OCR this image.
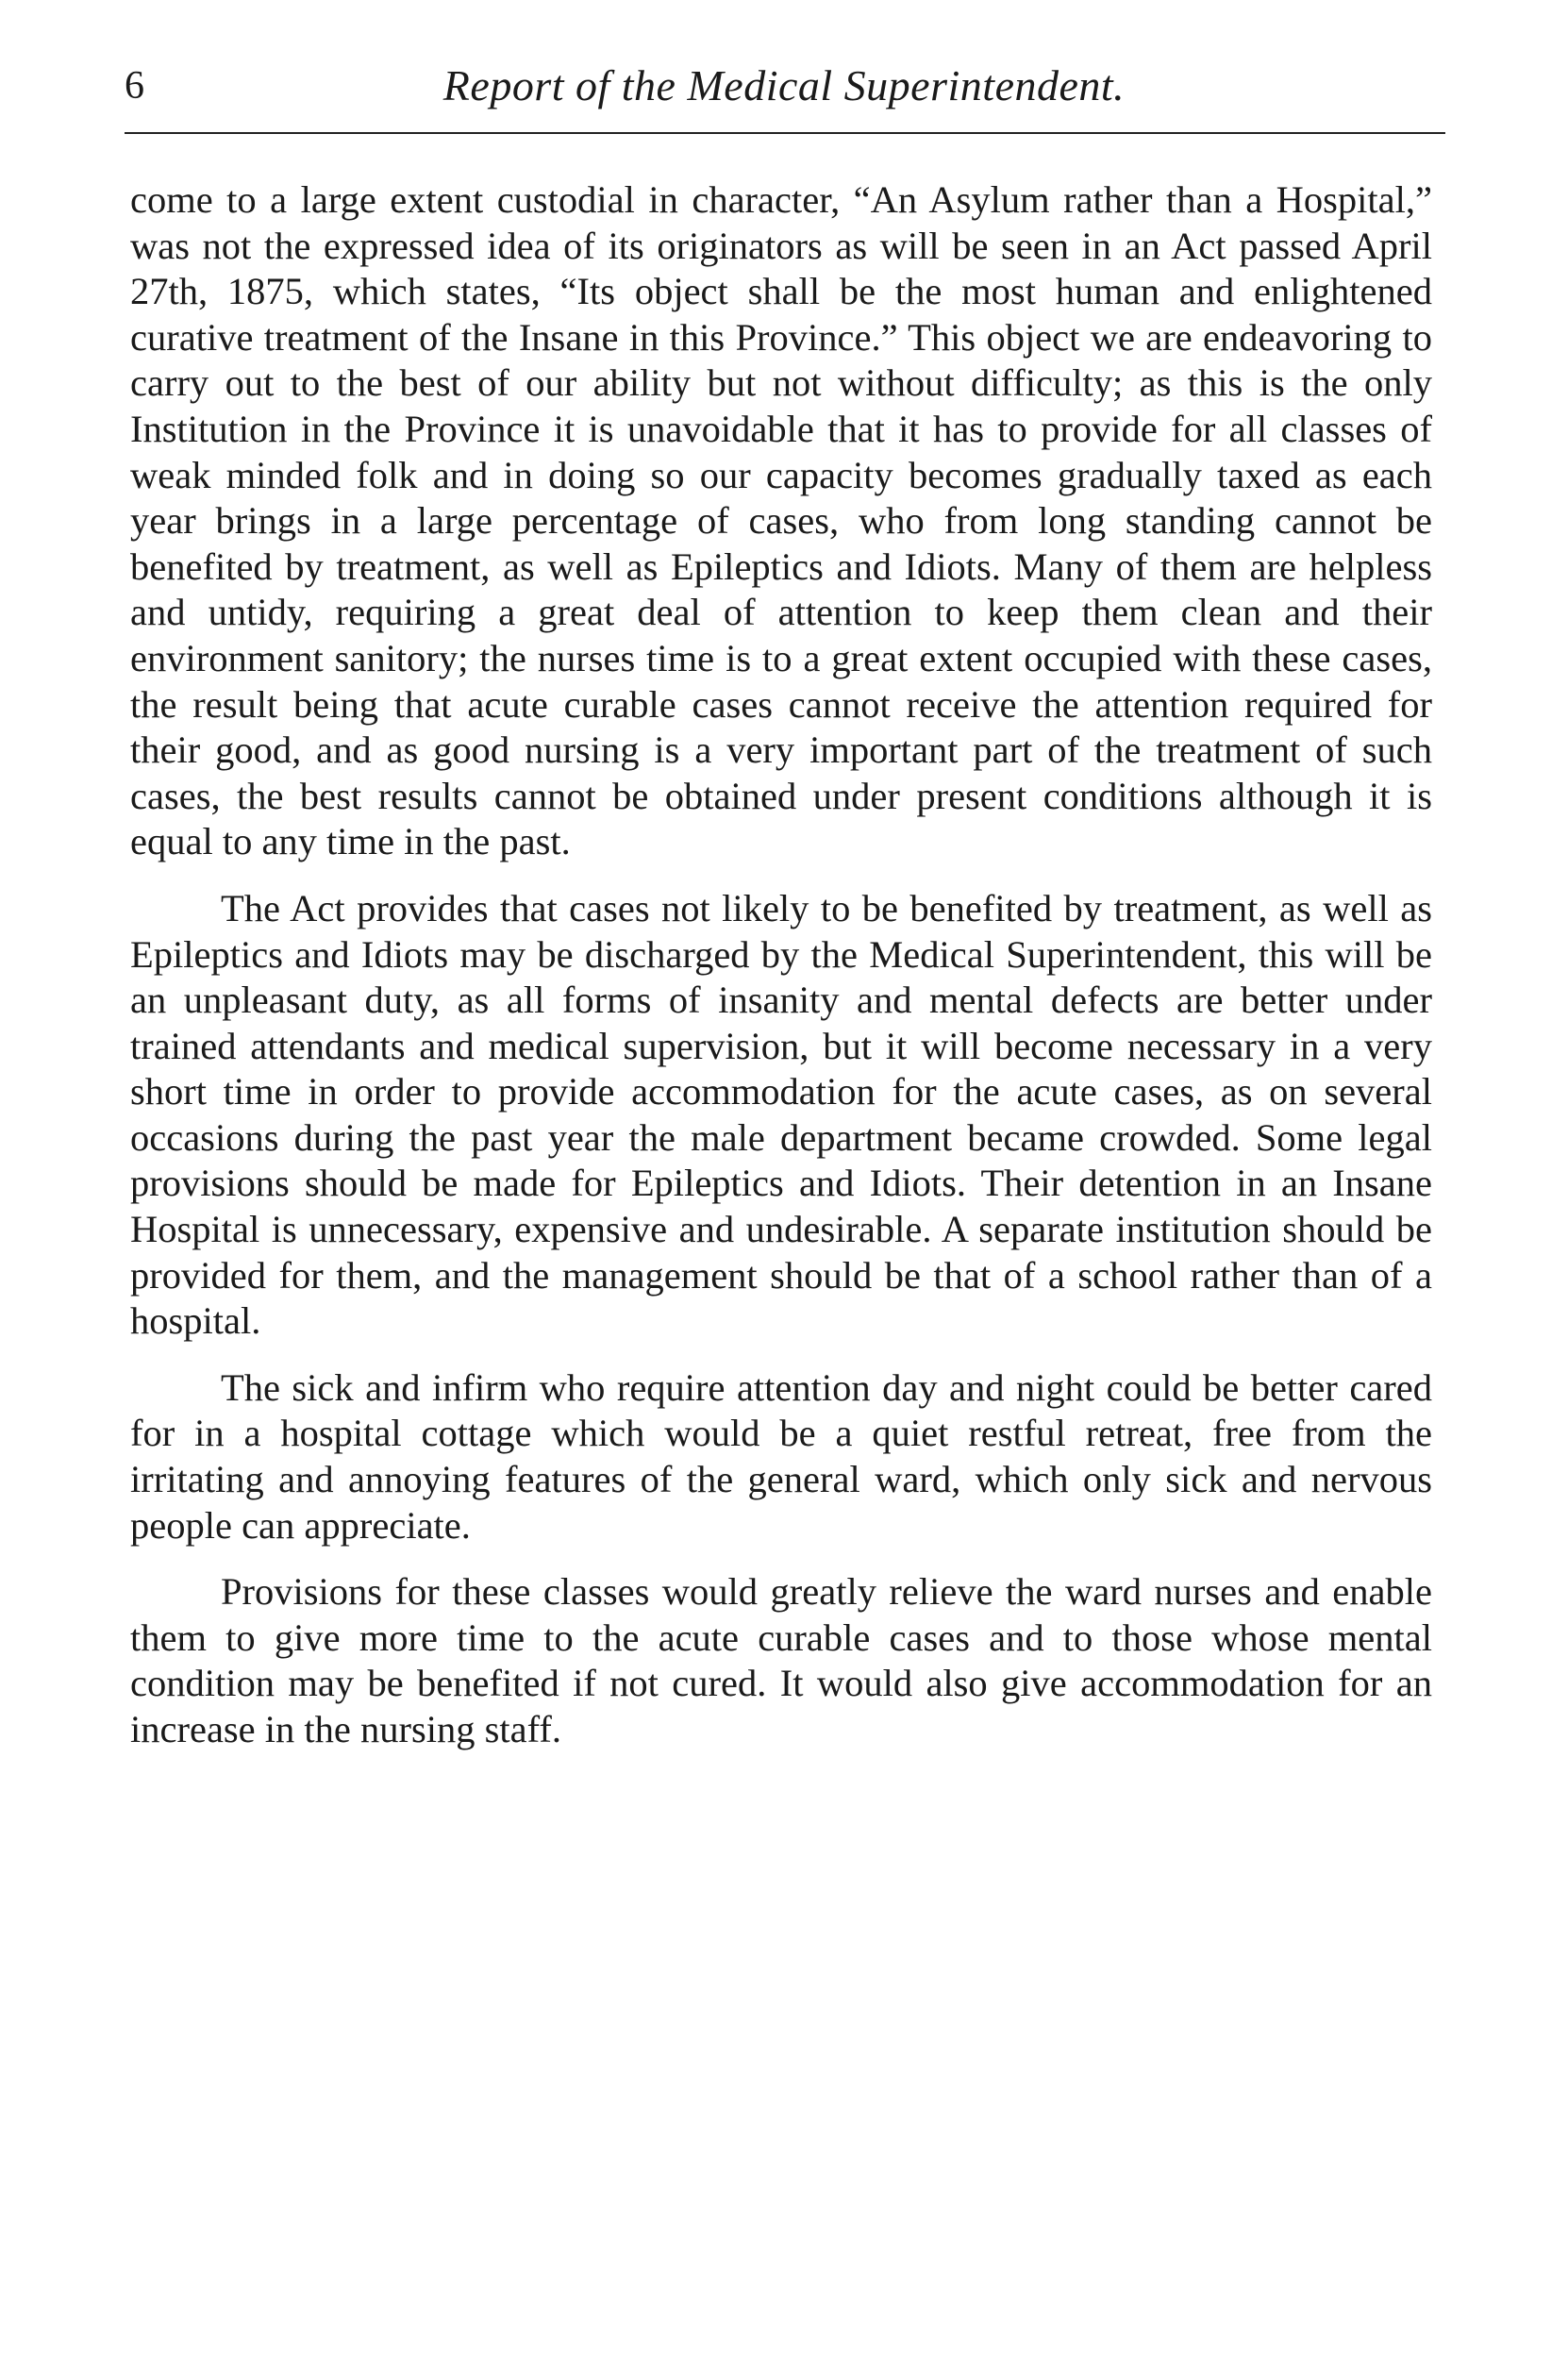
6	Report of the Medical Superintendent.

come to a large extent custodial in character, “An Asylum rather than a Hospital,” was not the expressed idea of its originators as will be seen in an Act passed April 27th, 1875, which states, “Its object shall be the most human and enlightened curative treatment of the Insane in this Province.” This object we are endeavoring to carry out to the best of our ability but not without difficulty; as this is the only Institution in the Province it is unavoidable that it has to provide for all classes of weak minded folk and in doing so our capacity becomes gradually taxed as each year brings in a large percentage of cases, who from long standing cannot be benefited by treatment, as well as Epileptics and Idiots. Many of them are helpless and untidy, requiring a great deal of attention to keep them clean and their environment sanitory; the nurses time is to a great extent occupied with these cases, the result being that acute curable cases cannot receive the attention required for their good, and as good nursing is a very important part of the treatment of such cases, the best results cannot be obtained under present conditions although it is equal to any time in the past.

The Act provides that cases not likely to be benefited by treatment, as well as Epileptics and Idiots may be discharged by the Medical Superintendent, this will be an unpleasant duty, as all forms of insanity and mental defects are better under trained attendants and medical supervision, but it will become necessary in a very short time in order to provide accommodation for the acute cases, as on several occasions during the past year the male department became crowded. Some legal provisions should be made for Epileptics and Idiots. Their detention in an Insane Hospital is unnecessary, expensive and undesirable. A separate institution should be provided for them, and the management should be that of a school rather than of a hospital.

The sick and infirm who require attention day and night could be better cared for in a hospital cottage which would be a quiet restful retreat, free from the irritating and annoying features of the general ward, which only sick and nervous people can appreciate.

Provisions for these classes would greatly relieve the ward nurses and enable them to give more time to the acute curable cases and to those whose mental condition may be benefited if not cured. It would also give accommodation for an increase in the nursing staff.
